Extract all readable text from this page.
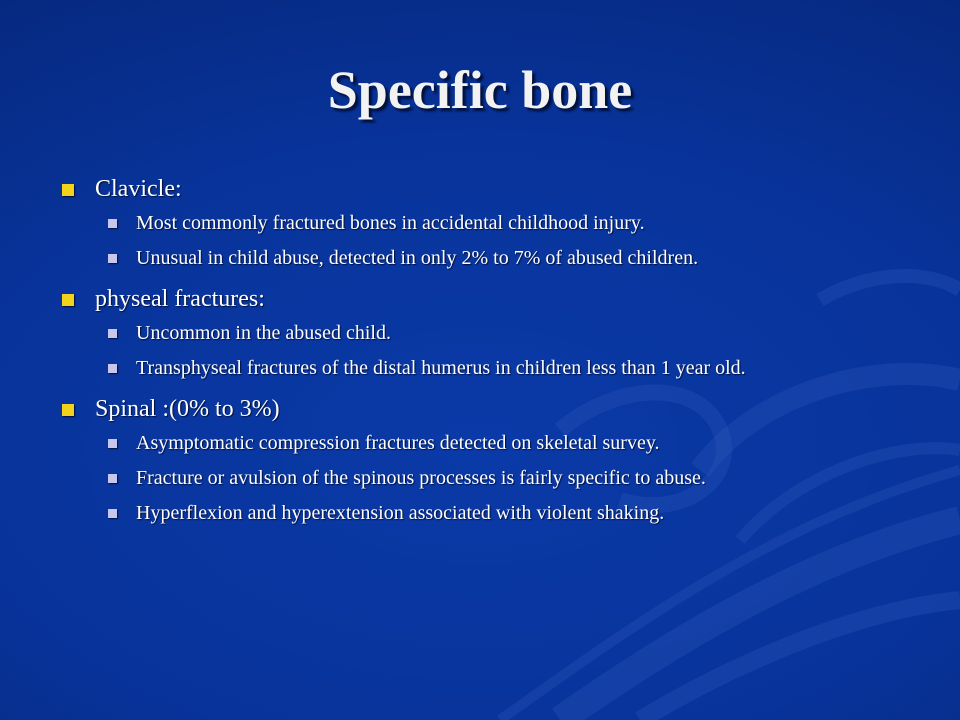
Specific bone
Clavicle:
Most commonly fractured bones in accidental childhood injury.
Unusual in child abuse, detected in only 2% to 7% of abused children.
physeal fractures:
Uncommon in the abused child.
Transphyseal fractures of the distal humerus in children less than 1 year old.
Spinal :(0% to 3%)
Asymptomatic compression fractures detected on skeletal survey.
Fracture or avulsion of the spinous processes is fairly specific to abuse.
Hyperflexion and hyperextension associated with violent shaking.
